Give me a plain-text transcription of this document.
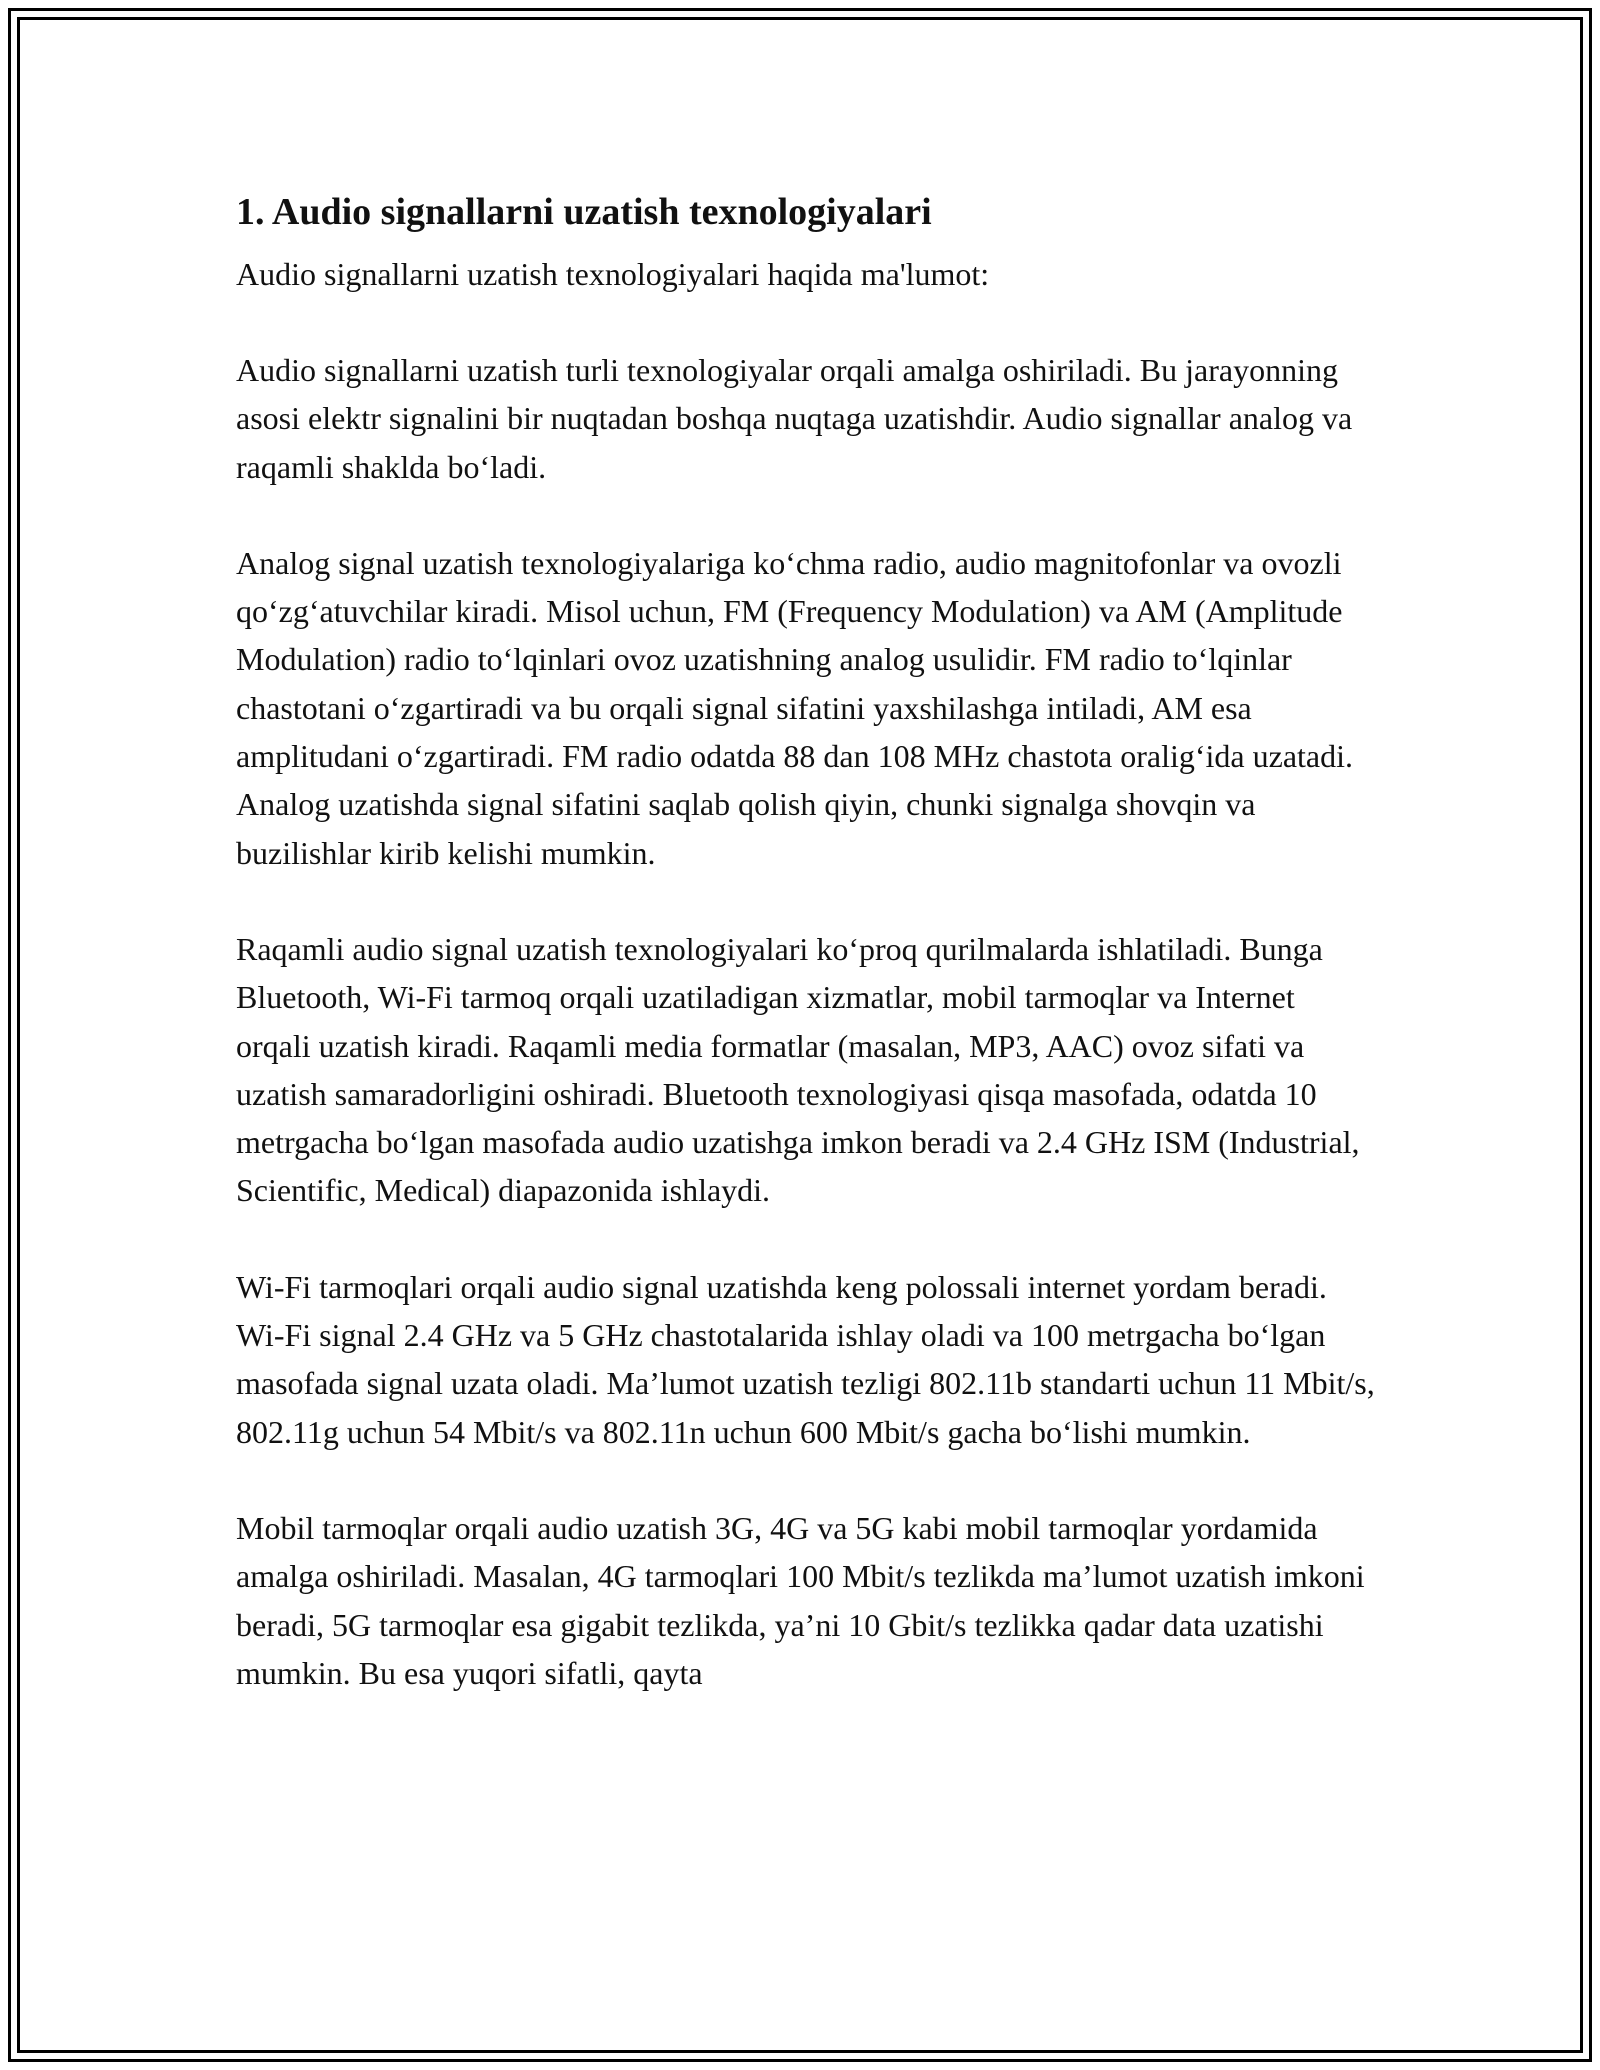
1. Audio signallarni uzatish texnologiyalari

Audio signallarni uzatish texnologiyalari haqida ma'lumot:

Audio signallarni uzatish turli texnologiyalar orqali amalga oshiriladi. Bu jarayonning asosi elektr signalini bir nuqtadan boshqa nuqtaga uzatishdir. Audio signallar analog va raqamli shaklda bo‘ladi.

Analog signal uzatish texnologiyalariga ko‘chma radio, audio magnitofonlar va ovozli qo‘zg‘atuvchilar kiradi. Misol uchun, FM (Frequency Modulation) va AM (Amplitude Modulation) radio to‘lqinlari ovoz uzatishning analog usulidir. FM radio to‘lqinlar chastotani o‘zgartiradi va bu orqali signal sifatini yaxshilashga intiladi, AM esa amplitudani o‘zgartiradi. FM radio odatda 88 dan 108 MHz chastota oralig‘ida uzatadi. Analog uzatishda signal sifatini saqlab qolish qiyin, chunki signalga shovqin va buzilishlar kirib kelishi mumkin.

Raqamli audio signal uzatish texnologiyalari ko‘proq qurilmalarda ishlatiladi. Bunga Bluetooth, Wi-Fi tarmoq orqali uzatiladigan xizmatlar, mobil tarmoqlar va Internet orqali uzatish kiradi. Raqamli media formatlar (masalan, MP3, AAC) ovoz sifati va uzatish samaradorligini oshiradi. Bluetooth texnologiyasi qisqa masofada, odatda 10 metrgacha bo‘lgan masofada audio uzatishga imkon beradi va 2.4 GHz ISM (Industrial, Scientific, Medical) diapazonida ishlaydi.

Wi-Fi tarmoqlari orqali audio signal uzatishda keng polossali internet yordam beradi. Wi-Fi signal 2.4 GHz va 5 GHz chastotalarida ishlay oladi va 100 metrgacha bo‘lgan masofada signal uzata oladi. Ma’lumot uzatish tezligi 802.11b standarti uchun 11 Mbit/s, 802.11g uchun 54 Mbit/s va 802.11n uchun 600 Mbit/s gacha bo‘lishi mumkin.

Mobil tarmoqlar orqali audio uzatish 3G, 4G va 5G kabi mobil tarmoqlar yordamida amalga oshiriladi. Masalan, 4G tarmoqlari 100 Mbit/s tezlikda ma’lumot uzatish imkoni beradi, 5G tarmoqlar esa gigabit tezlikda, ya’ni 10 Gbit/s tezlikka qadar data uzatishi mumkin. Bu esa yuqori sifatli, qayta
